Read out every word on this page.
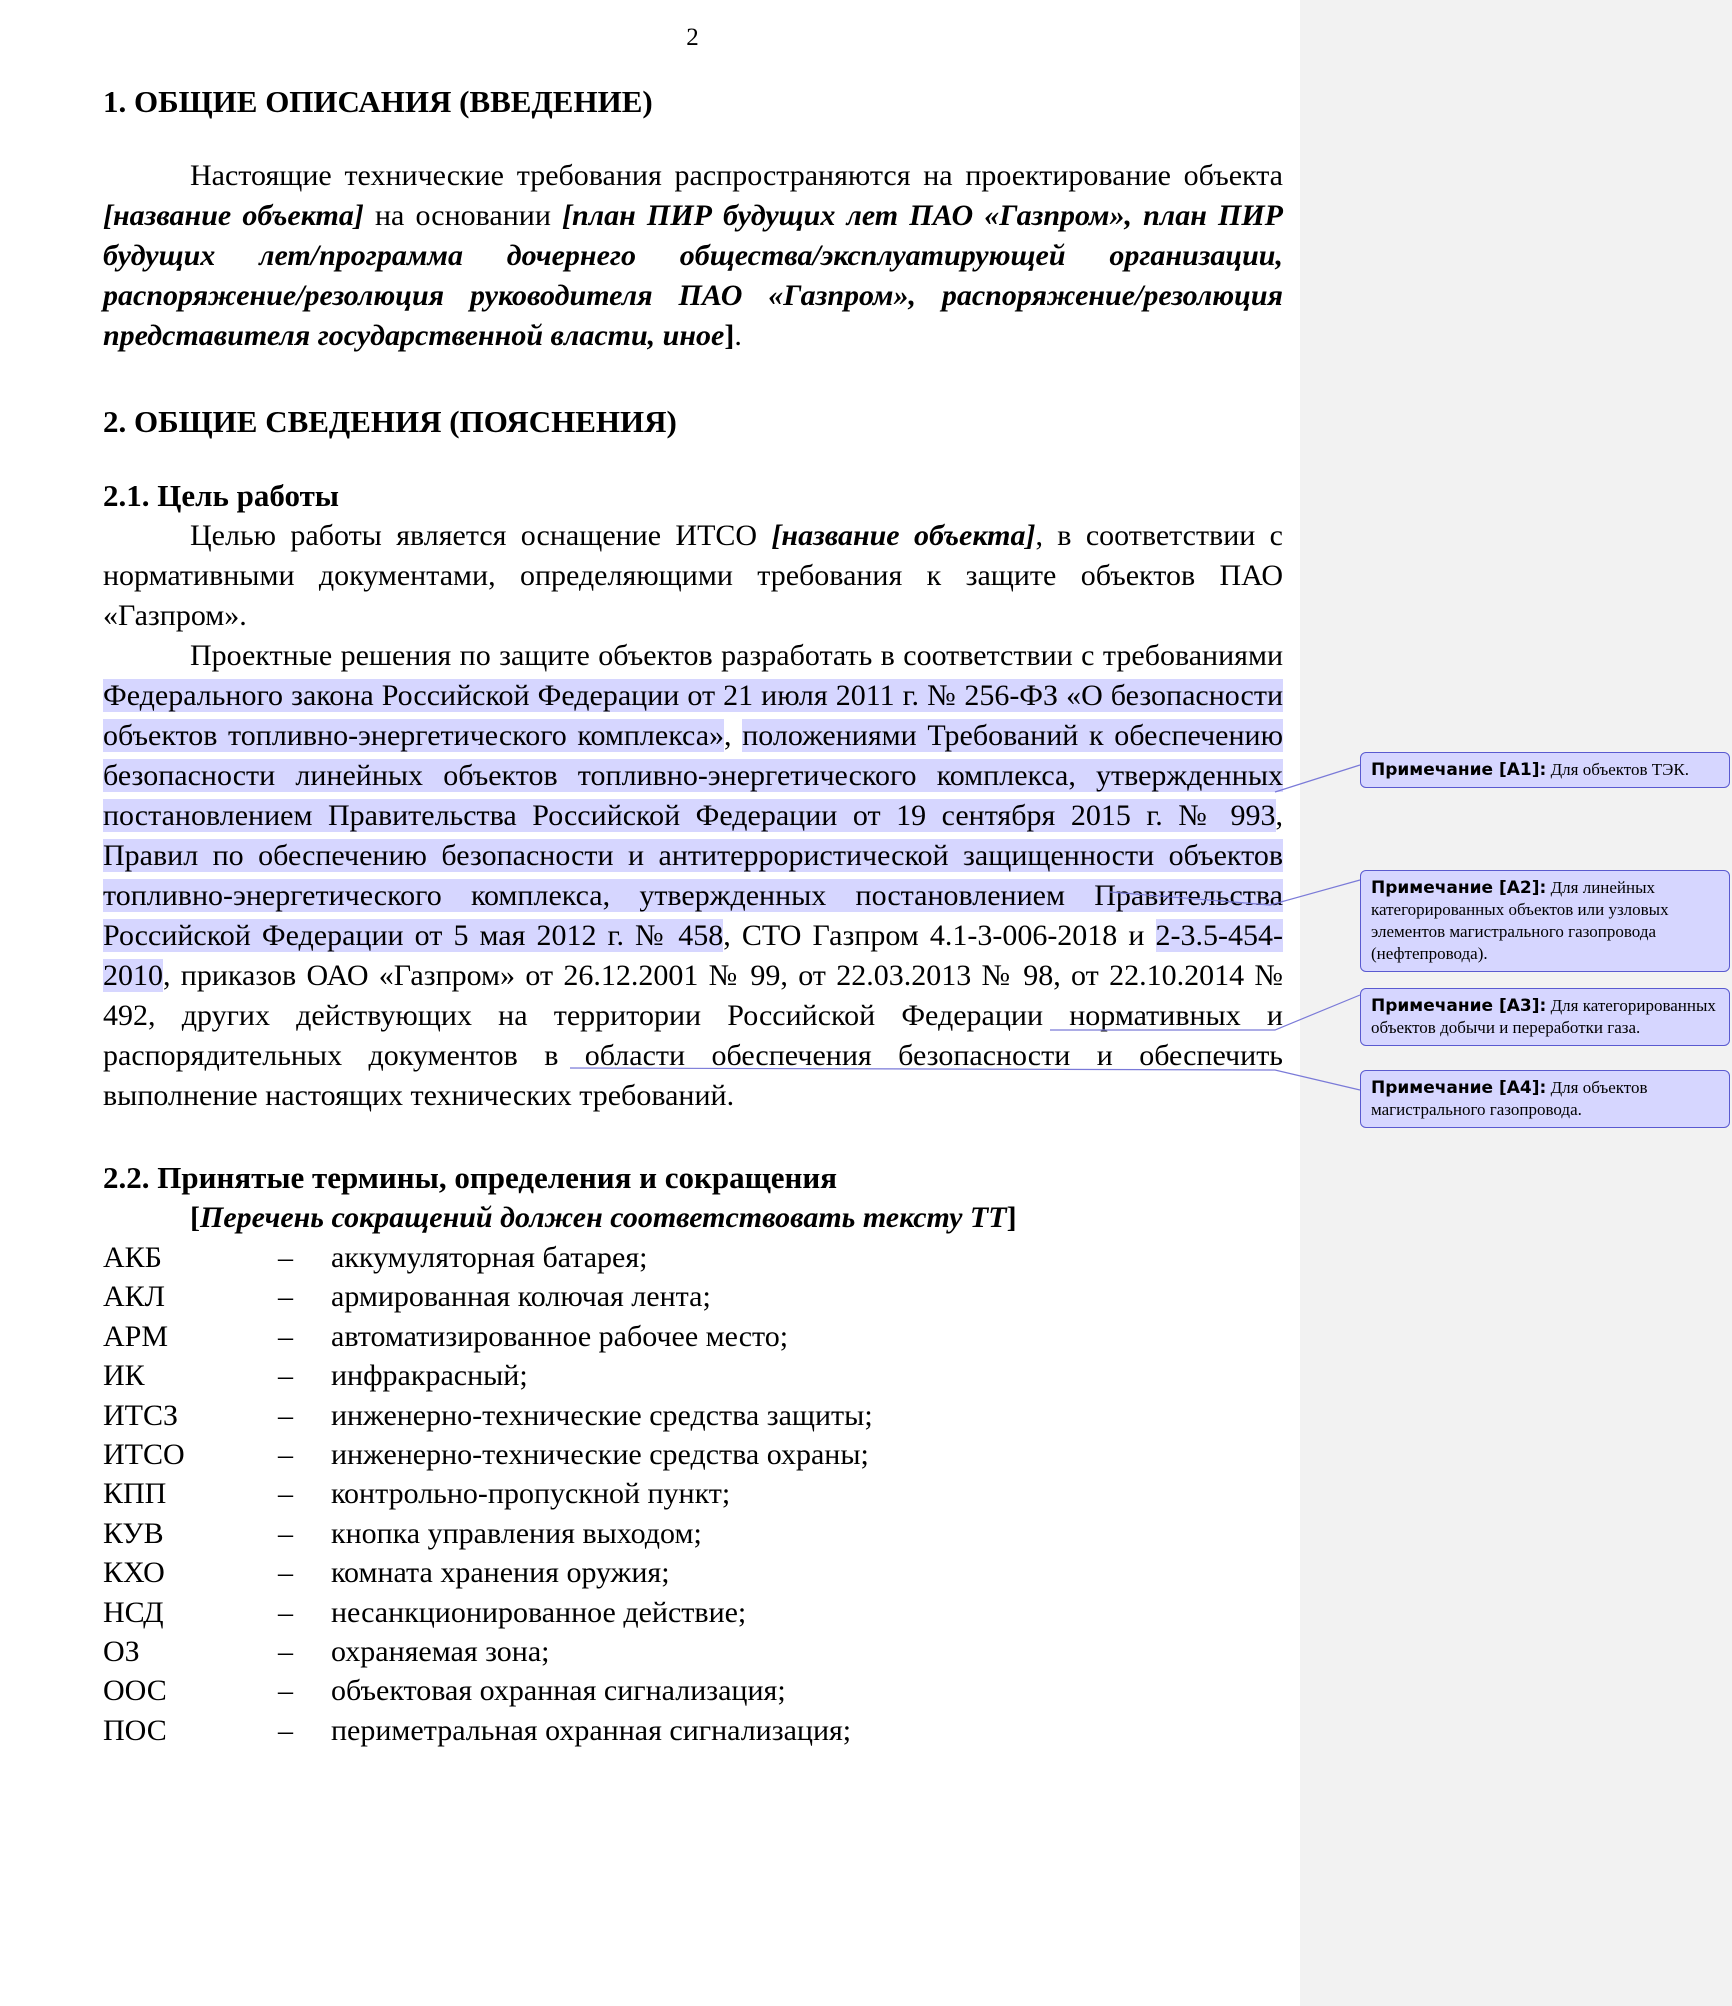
2
1. ОБЩИЕ ОПИСАНИЯ (ВВЕДЕНИЕ)

Настоящие технические требования распространяются на проектирование объекта [название объекта] на основании [план ПИР будущих лет ПАО «Газпром», план ПИР будущих лет/программа дочернего общества/эксплуатирующей организации, распоряжение/резолюция руководителя ПАО «Газпром», распоряжение/резолюция представителя государственной власти, иное].

2. ОБЩИЕ СВЕДЕНИЯ (ПОЯСНЕНИЯ)
2.1. Цель работы

Целью работы является оснащение ИТСО [название объекта], в соответствии с нормативными документами, определяющими требования к защите объектов ПАО «Газпром».

Проектные решения по защите объектов разработать в соответствии с требованиями Федерального закона Российской Федерации от 21 июля 2011 г. № 256-ФЗ «О безопасности объектов топливно-энергетического комплекса», положениями Требований к обеспечению безопасности линейных объектов топливно-энергетического комплекса, утвержденных постановлением Правительства Российской Федерации от 19 сентября 2015 г. № 993, Правил по обеспечению безопасности и антитеррористической защищенности объектов топливно-энергетического комплекса, утвержденных постановлением Правительства Российской Федерации от 5 мая 2012 г. № 458, СТО Газпром 4.1-3-006-2018 и 2-3.5-454-2010, приказов ОАО «Газпром» от 26.12.2001 № 99, от 22.03.2013 № 98, от 22.10.2014 № 492, других действующих на территории Российской Федерации нормативных и распорядительных документов в области обеспечения безопасности и обеспечить выполнение настоящих технических требований.

2.2. Принятые термины, определения и сокращения
[Перечень сокращений должен соответствовать тексту ТТ]
АКБ	–	аккумуляторная батарея;
АКЛ	–	армированная колючая лента;
АРМ	–	автоматизированное рабочее место;
ИК	–	инфракрасный;
ИТСЗ	–	инженерно-технические средства защиты;
ИТСО	–	инженерно-технические средства охраны;
КПП	–	контрольно-пропускной пункт;
КУВ	–	кнопка управления выходом;
КХО	–	комната хранения оружия;
НСД	–	несанкционированное действие;
ОЗ	–	охраняемая зона;
ООС	–	объектовая охранная сигнализация;
ПОС	–	периметральная охранная сигнализация;
Примечание [A1]: Для объектов ТЭК.
Примечание [A2]: Для линейных категорированных объектов или узловых элементов магистрального газопровода (нефтепровода).
Примечание [A3]: Для категорированных объектов добычи и переработки газа.
Примечание [A4]: Для объектов магистрального газопровода.
